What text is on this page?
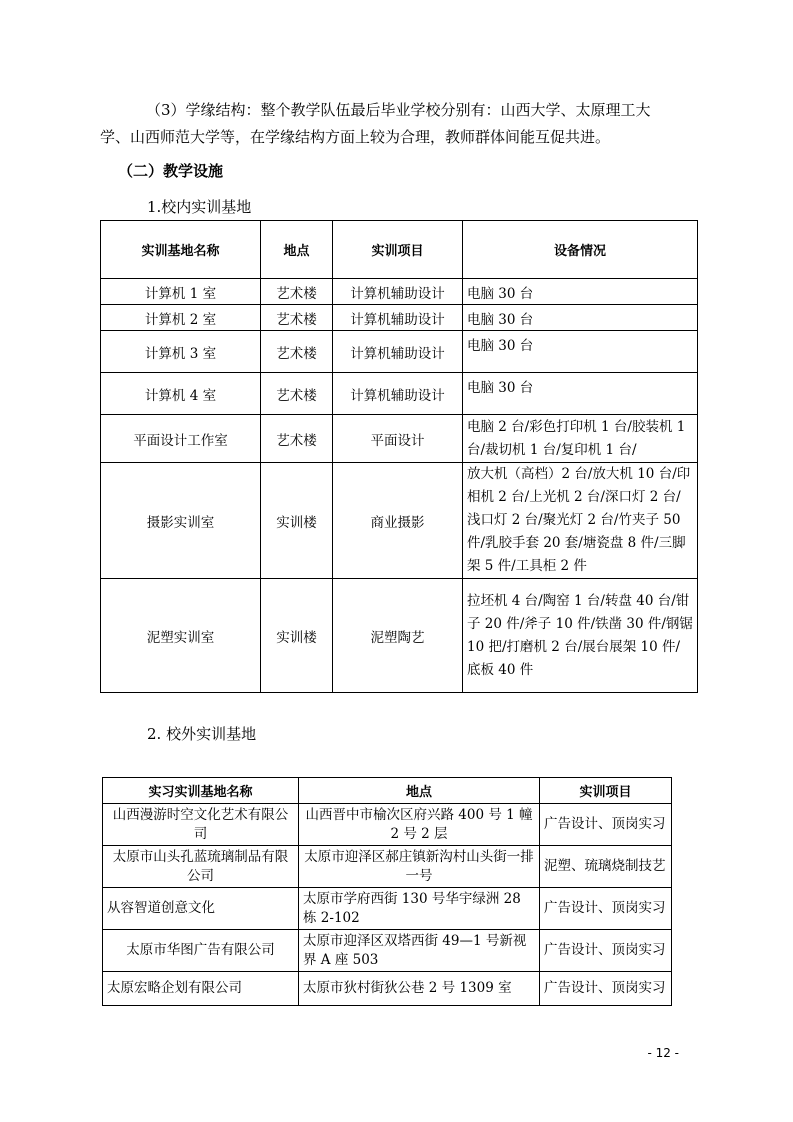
（3）学缘结构：整个教学队伍最后毕业学校分别有：山西大学、太原理工大
学、山西师范大学等，在学缘结构方面上较为合理，教师群体间能互促共进。
（二）教学设施
1.校内实训基地
实训基地名称	地点	实训项目	设备情况
计算机 1 室	艺术楼	计算机辅助设计	电脑 30 台
计算机 2 室	艺术楼	计算机辅助设计	电脑 30 台
计算机 3 室	艺术楼	计算机辅助设计	电脑 30 台
计算机 4 室	艺术楼	计算机辅助设计	电脑 30 台
平面设计工作室	艺术楼	平面设计	电脑 2 台/彩色打印机 1 台/胶装机 1 台/裁切机 1 台/复印机 1 台/
摄影实训室	实训楼	商业摄影	放大机（高档）2 台/放大机 10 台/印相机 2 台/上光机 2 台/深口灯 2 台/浅口灯 2 台/聚光灯 2 台/竹夹子 50 件/乳胶手套 20 套/塘瓷盘 8 件/三脚架 5 件/工具柜 2 件
泥塑实训室	实训楼	泥塑陶艺	拉坯机 4 台/陶窑 1 台/转盘 40 台/钳子 20 件/斧子 10 件/铁凿 30 件/钢锯 10 把/打磨机 2 台/展台展架 10 件/底板 40 件
2. 校外实训基地
实习实训基地名称	地点	实训项目
山西漫游时空文化艺术有限公司	山西晋中市榆次区府兴路 400 号 1 幢 2 号 2 层	广告设计、顶岗实习
太原市山头孔蓝琉璃制品有限公司	太原市迎泽区郝庄镇新沟村山头街一排一号	泥塑、琉璃烧制技艺
从容智道创意文化	太原市学府西街 130 号华宇绿洲 28 栋 2-102	广告设计、顶岗实习
太原市华图广告有限公司	太原市迎泽区双塔西街 49—1 号新视界 A 座 503	广告设计、顶岗实习
太原宏略企划有限公司	太原市狄村街狄公巷 2 号 1309 室	广告设计、顶岗实习
- 12 -
